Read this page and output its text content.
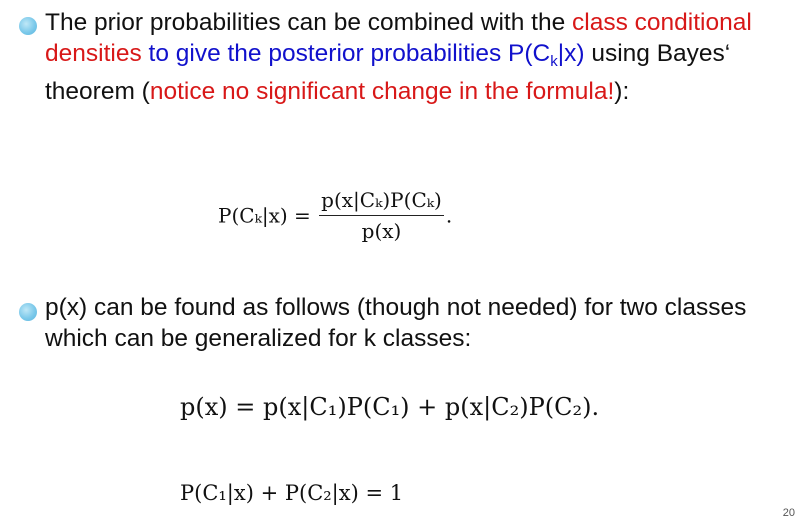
The prior probabilities can be combined with the class conditional densities to give the posterior probabilities $P(C_k|x)$ using Bayes‘ theorem (notice no significant change in the formula!):

$P(C_k|x) = \frac{\text{p(x|Cₖ)P(Cₖ)}}{p(x)}$ .

p(x) can be found as follows (though not needed) for two classes which can be generalized for k classes:

p(x) = p(x|C₁)P(C₁) + p(x|C₂)P(C₂).
P(C₁|x) + P(C₂|x) = 1
20
